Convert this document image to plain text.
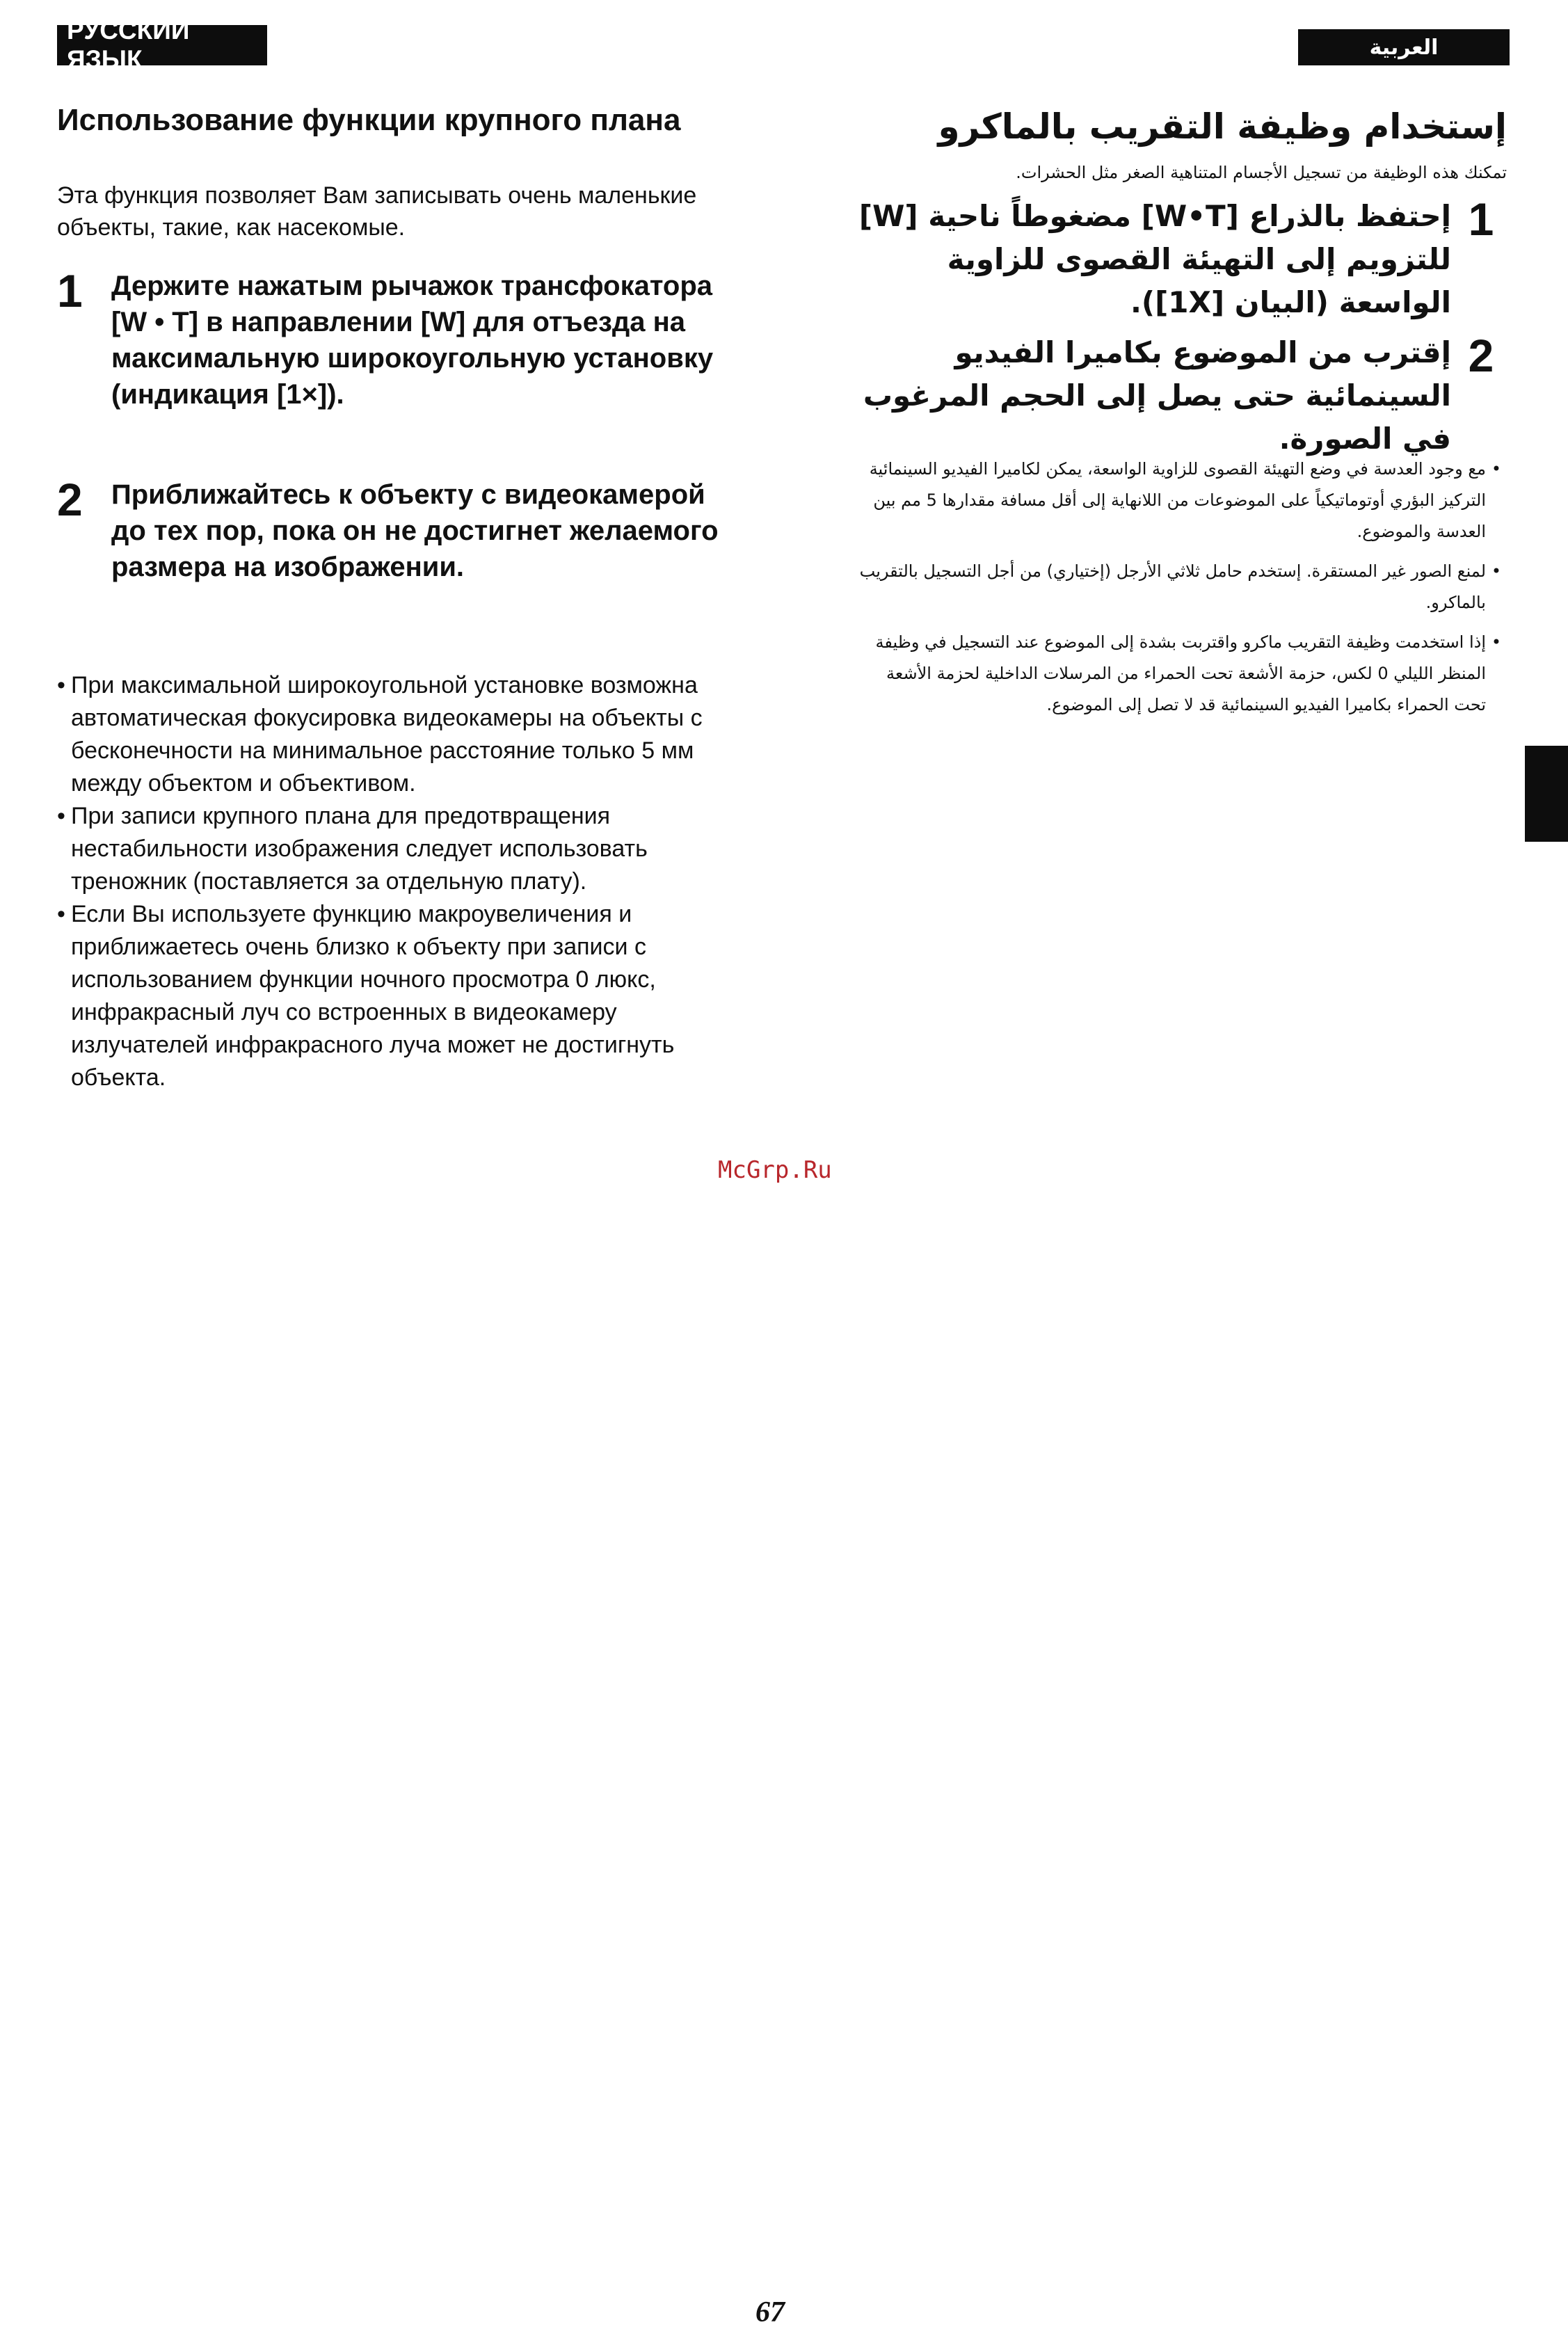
РУССКИЙ ЯЗЫК	العربية
Использование функции крупного плана

Эта функция позволяет Вам записывать очень маленькие объекты, такие, как насекомые.

1	Держите нажатым рычажок трансфокатора [W • T] в направлении [W] для отъезда на максимальную широкоугольную установку (индикация [1×]).
2	Приближайтесь к объекту с видеокамерой до тех пор, пока он не достигнет желаемого размера на изображении.
• При максимальной широкоугольной установке возможна автоматическая фокусировка видеокамеры на объекты с бесконечности на минимальное расстояние только 5 мм между объектом и объективом.
• При записи крупного плана для предотвращения нестабильности изображения следует использовать треножник (поставляется за отдельную плату).
• Если Вы используете функцию макроувеличения и приближаетесь очень близко к объекту при записи с использованием функции ночного просмотра 0 люкс, инфракрасный луч со встроенных в видеокамеру излучателей инфракрасного луча может не достигнуть объекта.
إستخدام وظيفة التقريب بالماكرو

تمكنك هذه الوظيفة من تسجيل الأجسام المتناهية الصغر مثل الحشرات.

1
إحتفظ بالذراع [W•T] مضغوطاً ناحية [W] للتزويم إلى التهيئة القصوى للزاوية الواسعة (البيان [1X]).
2
إقترب من الموضوع بكاميرا الفيديو السينمائية حتى يصل إلى الحجم المرغوب في الصورة.
•
مع وجود العدسة في وضع التهيئة القصوى للزاوية الواسعة، يمكن لكاميرا الفيديو السينمائية التركيز البؤري أوتوماتيكياً على الموضوعات من اللانهاية إلى أقل مسافة مقدارها 5 مم بين العدسة والموضوع.
•
لمنع الصور غير المستقرة. إستخدم حامل ثلاثي الأرجل (إختياري) من أجل التسجيل بالتقريب بالماكرو.
•
إذا استخدمت وظيفة التقريب ماكرو واقتربت بشدة إلى الموضوع عند التسجيل في وظيفة المنظر الليلي 0 لكس، حزمة الأشعة تحت الحمراء من المرسلات الداخلية لحزمة الأشعة تحت الحمراء بكاميرا الفيديو السينمائية قد لا تصل إلى الموضوع.
McGrp.Ru
67
